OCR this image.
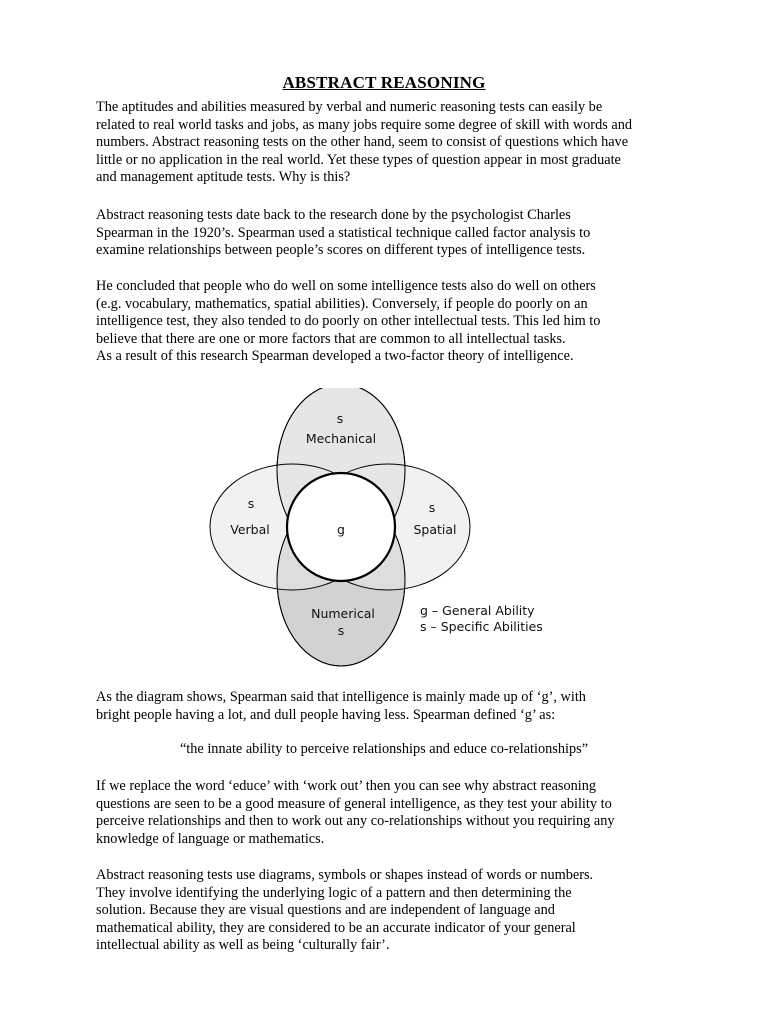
ABSTRACT REASONING

The aptitudes and abilities measured by verbal and numeric reasoning tests can easily be
related to real world tasks and jobs, as many jobs require some degree of skill with words and
numbers. Abstract reasoning tests on the other hand, seem to consist of questions which have
little or no application in the real world. Yet these types of question appear in most graduate
and management aptitude tests. Why is this?

Abstract reasoning tests date back to the research done by the psychologist Charles
Spearman in the 1920’s. Spearman used a statistical technique called factor analysis to
examine relationships between people’s scores on different types of intelligence tests.

He concluded that people who do well on some intelligence tests also do well on others
(e.g. vocabulary, mathematics, spatial abilities). Conversely, if people do poorly on an
intelligence test, they also tended to do poorly on other intellectual tests. This led him to
believe that there are one or more factors that are common to all intellectual tasks.
As a result of this research Spearman developed a two-factor theory of intelligence.

s
Mechanical
s
Verbal	g
s
Spatial
Numerical
s
g – General Ability
s – Specific Abilities

As the diagram shows, Spearman said that intelligence is mainly made up of ‘g’, with
bright people having a lot, and dull people having less. Spearman defined ‘g’ as:

“the innate ability to perceive relationships and educe co-relationships”

If we replace the word ‘educe’ with ‘work out’ then you can see why abstract reasoning
questions are seen to be a good measure of general intelligence, as they test your ability to
perceive relationships and then to work out any co-relationships without you requiring any
knowledge of language or mathematics.

Abstract reasoning tests use diagrams, symbols or shapes instead of words or numbers.
They involve identifying the underlying logic of a pattern and then determining the
solution. Because they are visual questions and are independent of language and
mathematical ability, they are considered to be an accurate indicator of your general
intellectual ability as well as being ‘culturally fair’.
